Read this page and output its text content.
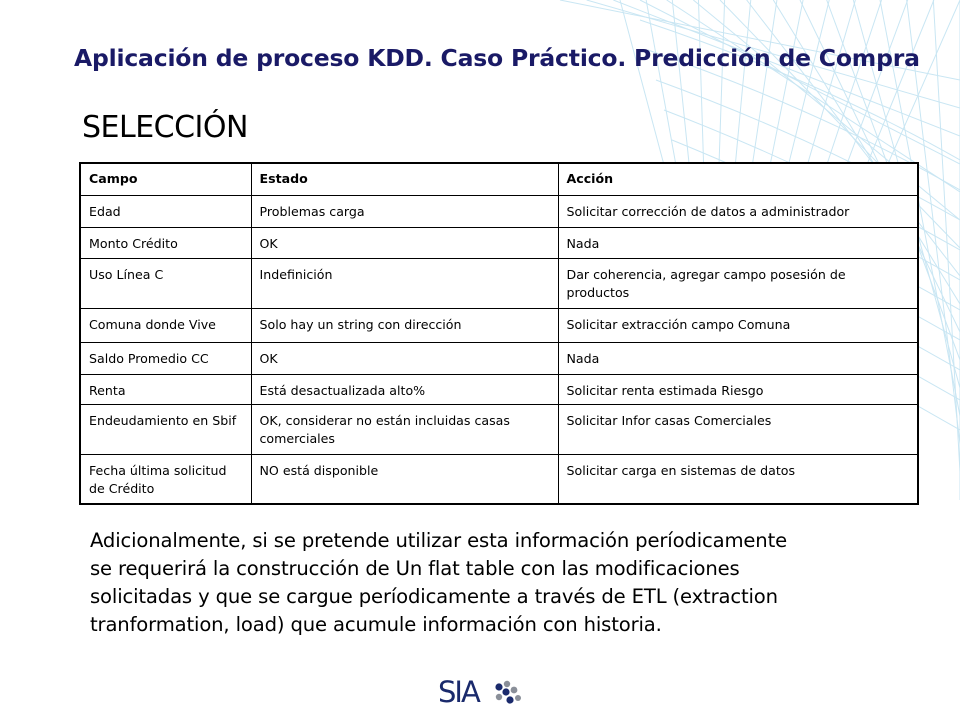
Aplicación de proceso KDD. Caso Práctico. Predicción de Compra
SELECCIÓN
Campo	Estado	Acción
Edad	Problemas carga	Solicitar corrección de datos a administrador
Monto Crédito	OK	Nada
Uso Línea C	Indefinición	Dar coherencia, agregar campo posesión de productos
Comuna donde Vive	Solo hay un string con dirección	Solicitar extracción campo Comuna
Saldo Promedio CC	OK	Nada
Renta	Está desactualizada alto%	Solicitar renta estimada Riesgo
Endeudamiento en Sbif	OK, considerar no están incluidas casas comerciales	Solicitar Infor casas Comerciales
Fecha última solicitud de Crédito	NO está disponible	Solicitar carga en sistemas de datos
Adicionalmente, si se pretende utilizar esta información períodicamente
se requerirá la construcción de Un flat table con las modificaciones
solicitadas y que se cargue períodicamente a través de ETL (extraction
tranformation, load) que acumule información con historia.
SIA
